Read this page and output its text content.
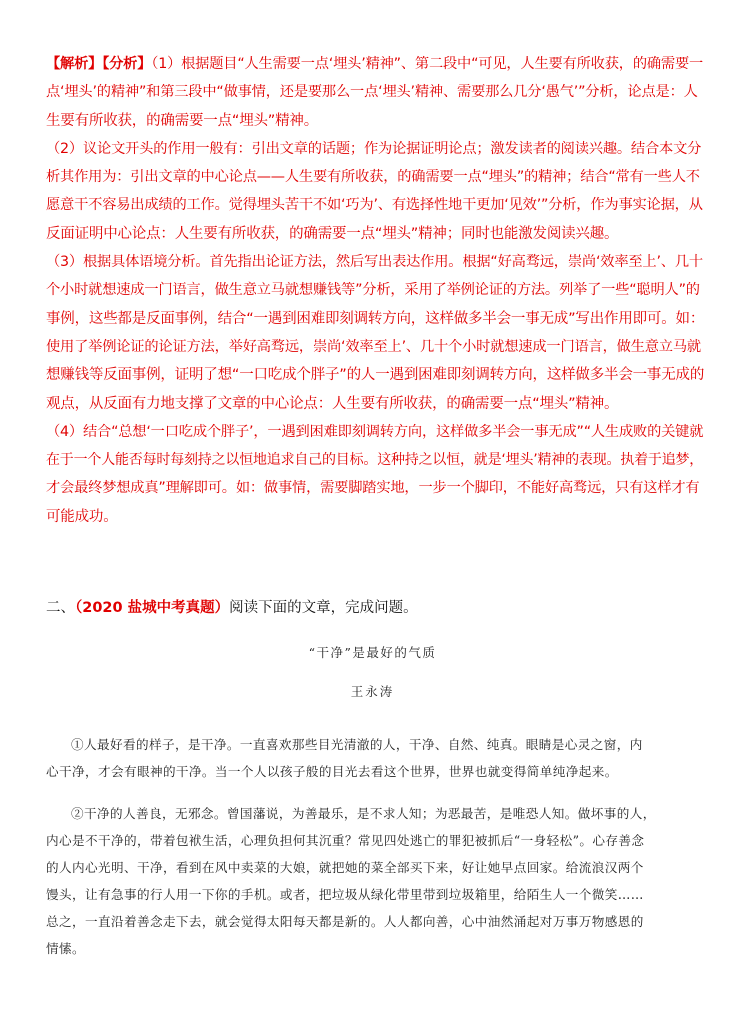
【解析】【分析】（1）根据题目“人生需要一点‘埋头’精神”、第二段中“可见，人生要有所收获，的确需要一
点‘埋头’的精神”和第三段中“做事情，还是要那么一点‘埋头’精神、需要那么几分‘愚气’”分析，论点是：人
生要有所收获，的确需要一点“埋头”精神。
（2）议论文开头的作用一般有：引出文章的话题；作为论据证明论点；激发读者的阅读兴趣。结合本文分
析其作用为：引出文章的中心论点——人生要有所收获，的确需要一点“埋头”的精神；结合“常有一些人不
愿意干不容易出成绩的工作。觉得埋头苦干不如‘巧为’、有选择性地干更加‘见效’”分析，作为事实论据，从
反面证明中心论点：人生要有所收获，的确需要一点“埋头”精神；同时也能激发阅读兴趣。
（3）根据具体语境分析。首先指出论证方法，然后写出表达作用。根据“好高骛远，崇尚‘效率至上’、几十
个小时就想速成一门语言，做生意立马就想赚钱等”分析，采用了举例论证的方法。列举了一些“聪明人”的
事例，这些都是反面事例，结合“一遇到困难即刻调转方向，这样做多半会一事无成”写出作用即可。如：
使用了举例论证的论证方法，举好高骛远，崇尚‘效率至上’、几十个小时就想速成一门语言，做生意立马就
想赚钱等反面事例，证明了想“一口吃成个胖子”的人一遇到困难即刻调转方向，这样做多半会一事无成的
观点，从反面有力地支撑了文章的中心论点：人生要有所收获，的确需要一点“埋头”精神。
（4）结合“总想‘一口吃成个胖子’，一遇到困难即刻调转方向，这样做多半会一事无成”“人生成败的关键就
在于一个人能否每时每刻持之以恒地追求自己的目标。这种持之以恒，就是‘埋头’精神的表现。执着于追梦，
才会最终梦想成真”理解即可。如：做事情，需要脚踏实地，一步一个脚印，不能好高骛远，只有这样才有
可能成功。
二、（2020 盐城中考真题）阅读下面的文章，完成问题。
“干净”是最好的气质
王永涛
①人最好看的样子，是干净。一直喜欢那些目光清澈的人，干净、自然、纯真。眼睛是心灵之窗，内
心干净，才会有眼神的干净。当一个人以孩子般的目光去看这个世界，世界也就变得简单纯净起来。
②干净的人善良，无邪念。曾国藩说，为善最乐，是不求人知；为恶最苦，是唯恐人知。做坏事的人，
内心是不干净的，带着包袱生活，心理负担何其沉重？常见四处逃亡的罪犯被抓后“一身轻松”。心存善念
的人内心光明、干净，看到在风中卖菜的大娘，就把她的菜全部买下来，好让她早点回家。给流浪汉两个
馒头，让有急事的行人用一下你的手机。或者，把垃圾从绿化带里带到垃圾箱里，给陌生人一个微笑……
总之，一直沿着善念走下去，就会觉得太阳每天都是新的。人人都向善，心中油然涌起对万事万物感恩的
情愫。
